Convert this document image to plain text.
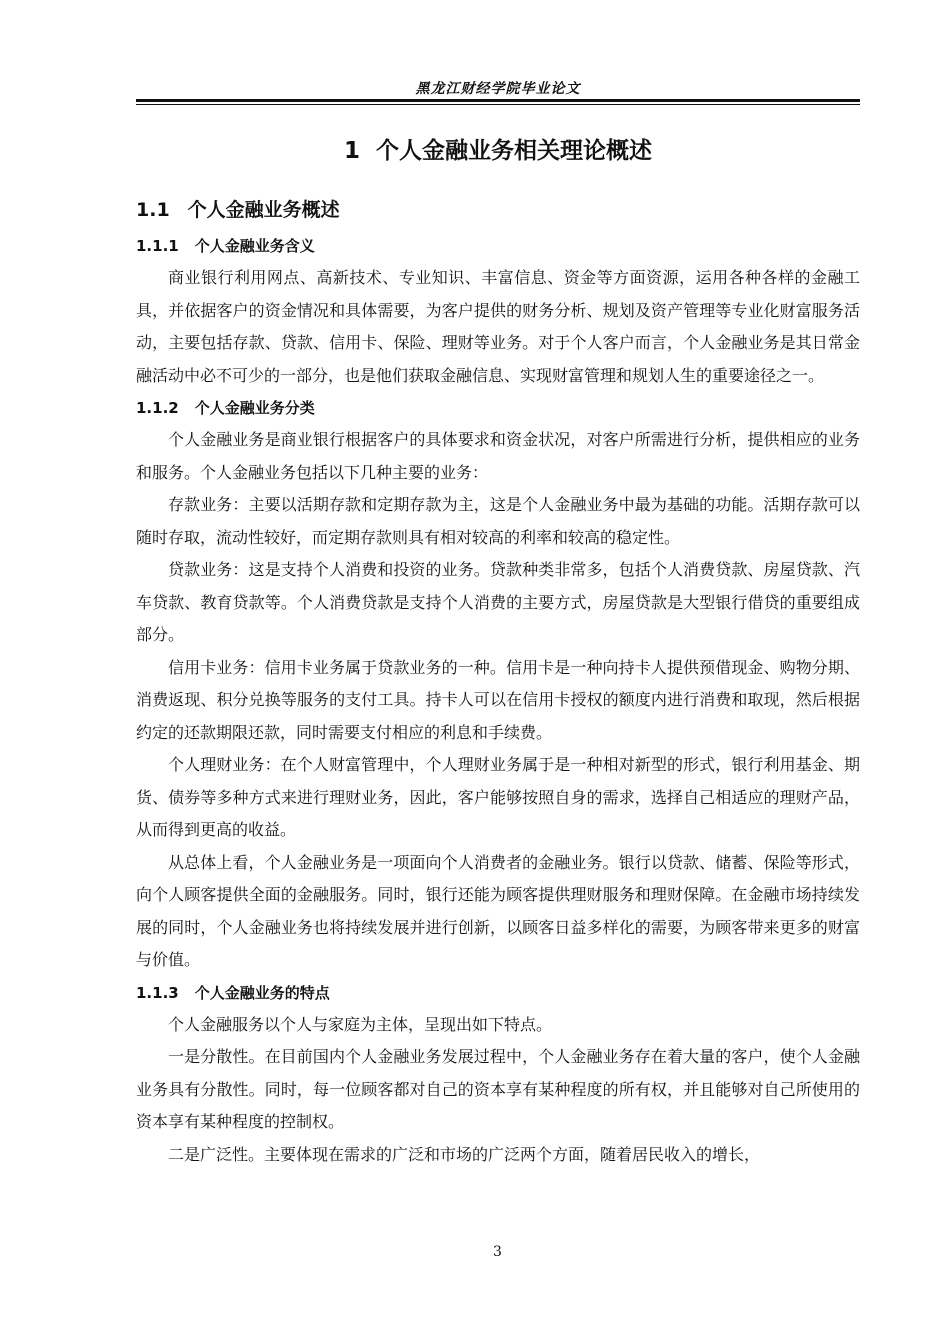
黑龙江财经学院毕业论文
1 个人金融业务相关理论概述
1.1 个人金融业务概述
1.1.1 个人金融业务含义

商业银行利用网点、高新技术、专业知识、丰富信息、资金等方面资源，运用各种各样的金融工具，并依据客户的资金情况和具体需要，为客户提供的财务分析、规划及资产管理等专业化财富服务活动，主要包括存款、贷款、信用卡、保险、理财等业务。对于个人客户而言，个人金融业务是其日常金融活动中必不可少的一部分，也是他们获取金融信息、实现财富管理和规划人生的重要途径之一。

1.1.2 个人金融业务分类

个人金融业务是商业银行根据客户的具体要求和资金状况，对客户所需进行分析，提供相应的业务和服务。个人金融业务包括以下几种主要的业务：

存款业务：主要以活期存款和定期存款为主，这是个人金融业务中最为基础的功能。活期存款可以随时存取，流动性较好，而定期存款则具有相对较高的利率和较高的稳定性。

贷款业务：这是支持个人消费和投资的业务。贷款种类非常多，包括个人消费贷款、房屋贷款、汽车贷款、教育贷款等。个人消费贷款是支持个人消费的主要方式，房屋贷款是大型银行借贷的重要组成部分。

信用卡业务：信用卡业务属于贷款业务的一种。信用卡是一种向持卡人提供预借现金、购物分期、消费返现、积分兑换等服务的支付工具。持卡人可以在信用卡授权的额度内进行消费和取现，然后根据约定的还款期限还款，同时需要支付相应的利息和手续费。

个人理财业务：在个人财富管理中，个人理财业务属于是一种相对新型的形式，银行利用基金、期货、债券等多种方式来进行理财业务，因此，客户能够按照自身的需求，选择自己相适应的理财产品，从而得到更高的收益。

从总体上看，个人金融业务是一项面向个人消费者的金融业务。银行以贷款、储蓄、保险等形式，向个人顾客提供全面的金融服务。同时，银行还能为顾客提供理财服务和理财保障。在金融市场持续发展的同时，个人金融业务也将持续发展并进行创新，以顾客日益多样化的需要，为顾客带来更多的财富与价值。

1.1.3 个人金融业务的特点

个人金融服务以个人与家庭为主体，呈现出如下特点。

一是分散性。在目前国内个人金融业务发展过程中，个人金融业务存在着大量的客户，使个人金融业务具有分散性。同时，每一位顾客都对自己的资本享有某种程度的所有权，并且能够对自己所使用的资本享有某种程度的控制权。

二是广泛性。主要体现在需求的广泛和市场的广泛两个方面，随着居民收入的增长，

3
